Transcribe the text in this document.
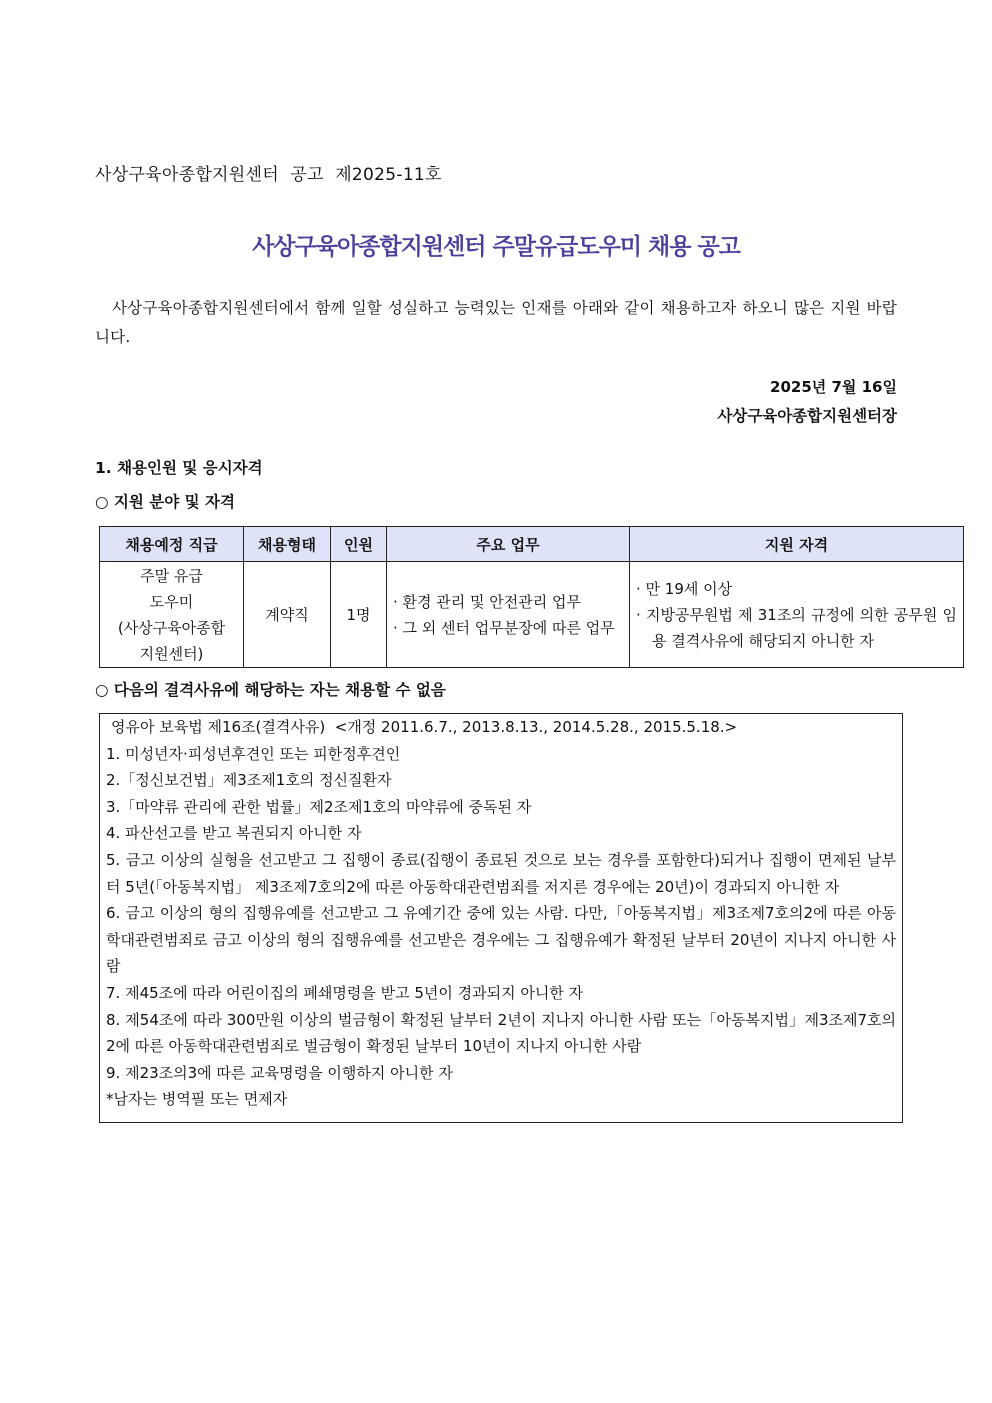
사상구육아종합지원센터  공고  제2025-11호
사상구육아종합지원센터 주말유급도우미 채용 공고
사상구육아종합지원센터에서 함께 일할 성실하고 능력있는 인재를 아래와 같이 채용하고자 하오니 많은 지원 바랍니다.
2025년 7월 16일
사상구육아종합지원센터장
1. 채용인원 및 응시자격
○ 지원 분야 및 자격
채용예정 직급	채용형태	인원	주요 업무	지원 자격

주말 유급
도우미
(사상구육아종합
지원센터)	계약직	1명	· 환경 관리 및 안전관리 업무
· 그 외 센터 업무분장에 따른 업무	· 만 19세 이상
· 지방공무원법 제 31조의 규정에 의한 공무원 임용 결격사유에 해당되지 아니한 자
○ 다음의 결격사유에 해당하는 자는 채용할 수 없음
영유아 보육법 제16조(결격사유)  <개정 2011.6.7., 2013.8.13., 2014.5.28., 2015.5.18.>
1. 미성년자·피성년후견인 또는 피한정후견인
2.「정신보건법」제3조제1호의 정신질환자
3.「마약류 관리에 관한 법률」제2조제1호의 마약류에 중독된 자
4. 파산선고를 받고 복권되지 아니한 자
5. 금고 이상의 실형을 선고받고 그 집행이 종료(집행이 종료된 것으로 보는 경우를 포함한다)되거나 집행이 면제된 날부터 5년(「아동복지법」 제3조제7호의2에 따른 아동학대관련범죄를 저지른 경우에는 20년)이 경과되지 아니한 자
6. 금고 이상의 형의 집행유예를 선고받고 그 유예기간 중에 있는 사람. 다만,「아동복지법」제3조제7호의2에 따른 아동학대관련범죄로 금고 이상의 형의 집행유예를 선고받은 경우에는 그 집행유예가 확정된 날부터 20년이 지나지 아니한 사람
7. 제45조에 따라 어린이집의 폐쇄명령을 받고 5년이 경과되지 아니한 자
8. 제54조에 따라 300만원 이상의 벌금형이 확정된 날부터 2년이 지나지 아니한 사람 또는「아동복지법」제3조제7호의2에 따른 아동학대관련범죄로 벌금형이 확정된 날부터 10년이 지나지 아니한 사람
9. 제23조의3에 따른 교육명령을 이행하지 아니한 자
*남자는 병역필 또는 면제자
